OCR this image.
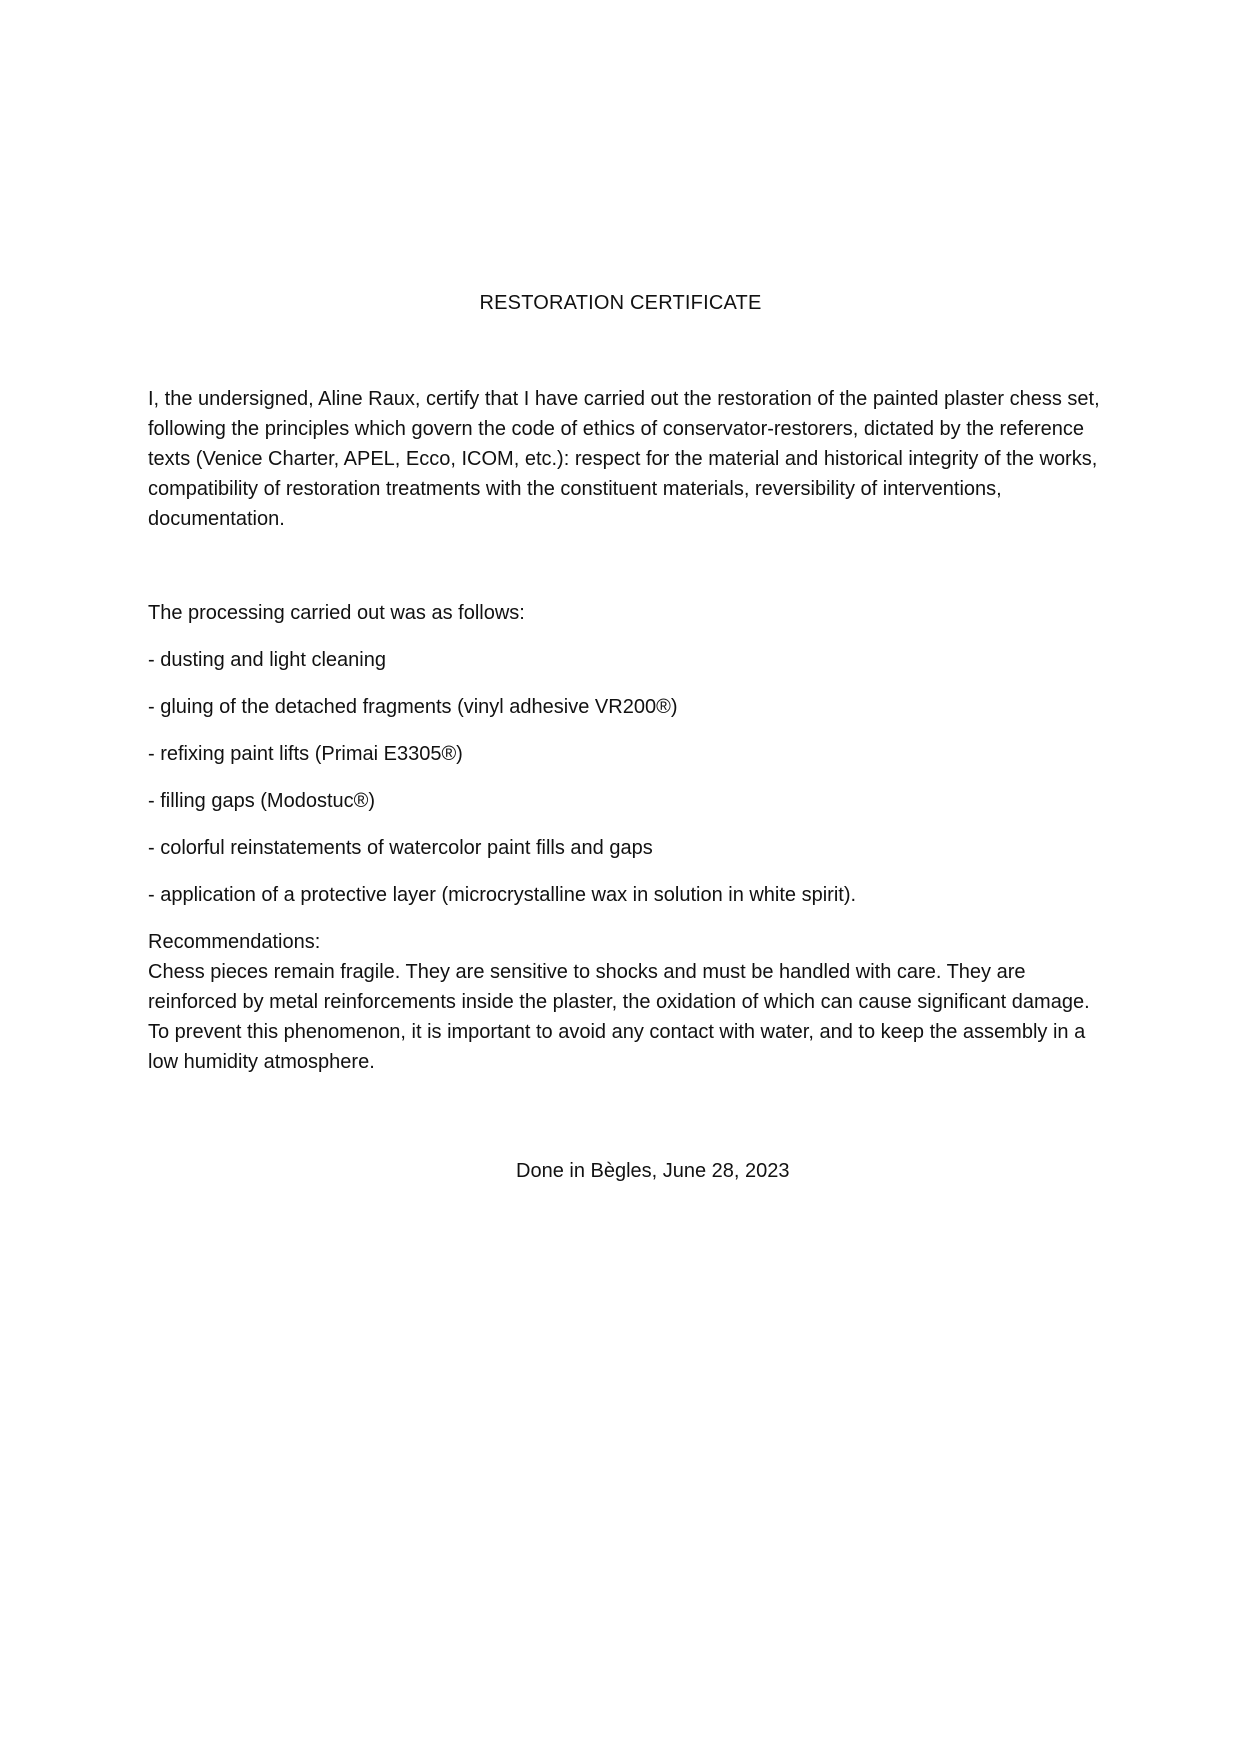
RESTORATION CERTIFICATE

I, the undersigned, Aline Raux, certify that I have carried out the restoration of the painted plaster chess set, following the principles which govern the code of ethics of conservator-restorers, dictated by the reference texts (Venice Charter, APEL, Ecco, ICOM, etc.): respect for the material and historical integrity of the works, compatibility of restoration treatments with the constituent materials, reversibility of interventions, documentation.

The processing carried out was as follows:

- dusting and light cleaning
- gluing of the detached fragments (vinyl adhesive VR200®)
- refixing paint lifts (Primai E3305®)
- filling gaps (Modostuc®)
- colorful reinstatements of watercolor paint fills and gaps
- application of a protective layer (microcrystalline wax in solution in white spirit).

Recommendations:

Chess pieces remain fragile. They are sensitive to shocks and must be handled with care. They are reinforced by metal reinforcements inside the plaster, the oxidation of which can cause significant damage. To prevent this phenomenon, it is important to avoid any contact with water, and to keep the assembly in a low humidity atmosphere.

Done in Bègles, June 28, 2023
